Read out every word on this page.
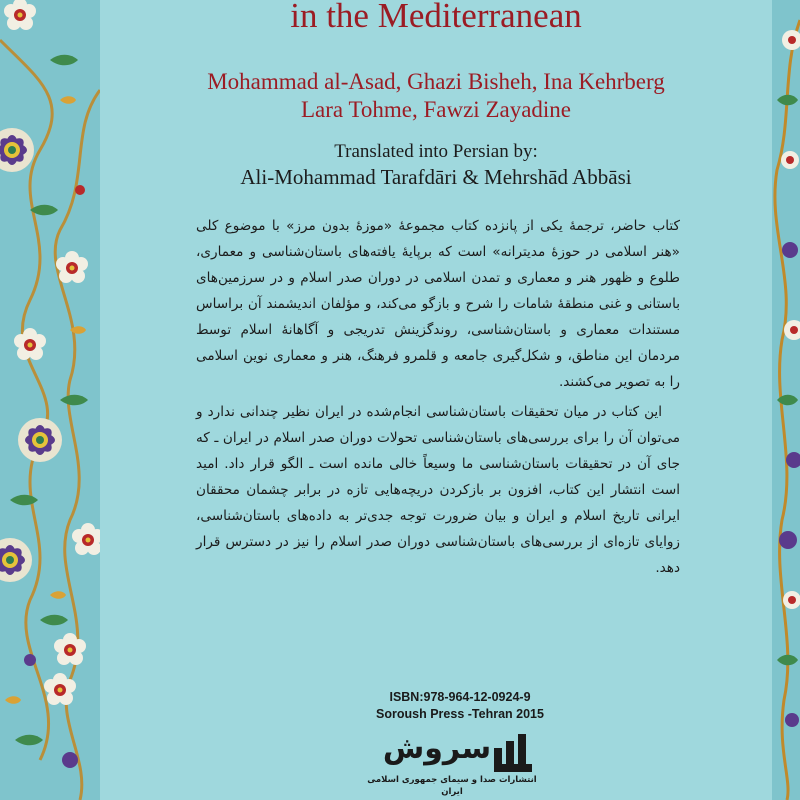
in the Mediterranean
Mohammad al-Asad, Ghazi Bisheh, Ina Kehrberg
Lara Tohme, Fawzi Zayadine
Translated into Persian by:
Ali-Mohammad Tarafdāri & Mehrshād Abbāsi

کتاب حاضر، ترجمهٔ یکی از پانزده کتاب مجموعهٔ «موزهٔ بدون مرز» با موضوع کلی «هنر اسلامی در حوزهٔ مدیترانه» است که برپایهٔ یافته‌های باستان‌شناسی و معماری، طلوع و ظهور هنر و معماری و تمدن اسلامی در دوران صدر اسلام و در سرزمین‌های باستانی و غنی منطقهٔ شامات را شرح و بازگو می‌کند، و مؤلفان اندیشمند آن براساس مستندات معماری و باستان‌شناسی، روندگزینش تدریجی و آگاهانهٔ اسلام توسط مردمان این مناطق، و شکل‌گیری جامعه و قلمرو فرهنگ، هنر و معماری نوین اسلامی را به تصویر می‌کشند.

این کتاب در میان تحقیقات باستان‌شناسی انجام‌شده در ایران نظیر چندانی ندارد و می‌توان آن را برای بررسی‌های باستان‌شناسی تحولات دوران صدر اسلام در ایران ـ که جای آن در تحقیقات باستان‌شناسی ما وسیعاً خالی مانده است ـ الگو قرار داد. امید است انتشار این کتاب، افزون بر بازکردن دریچه‌هایی تازه در برابر چشمان محققان ایرانی تاریخ اسلام و ایران و بیان ضرورت توجه جدی‌تر به داده‌های باستان‌شناسی، زوایای تازه‌ای از بررسی‌های باستان‌شناسی دوران صدر اسلام را نیز در دسترس قرار دهد.

ISBN:978-964-12-0924-9
Soroush Press -Tehran 2015
سروش
انتشارات صدا و سیمای جمهوری اسلامی ایران
